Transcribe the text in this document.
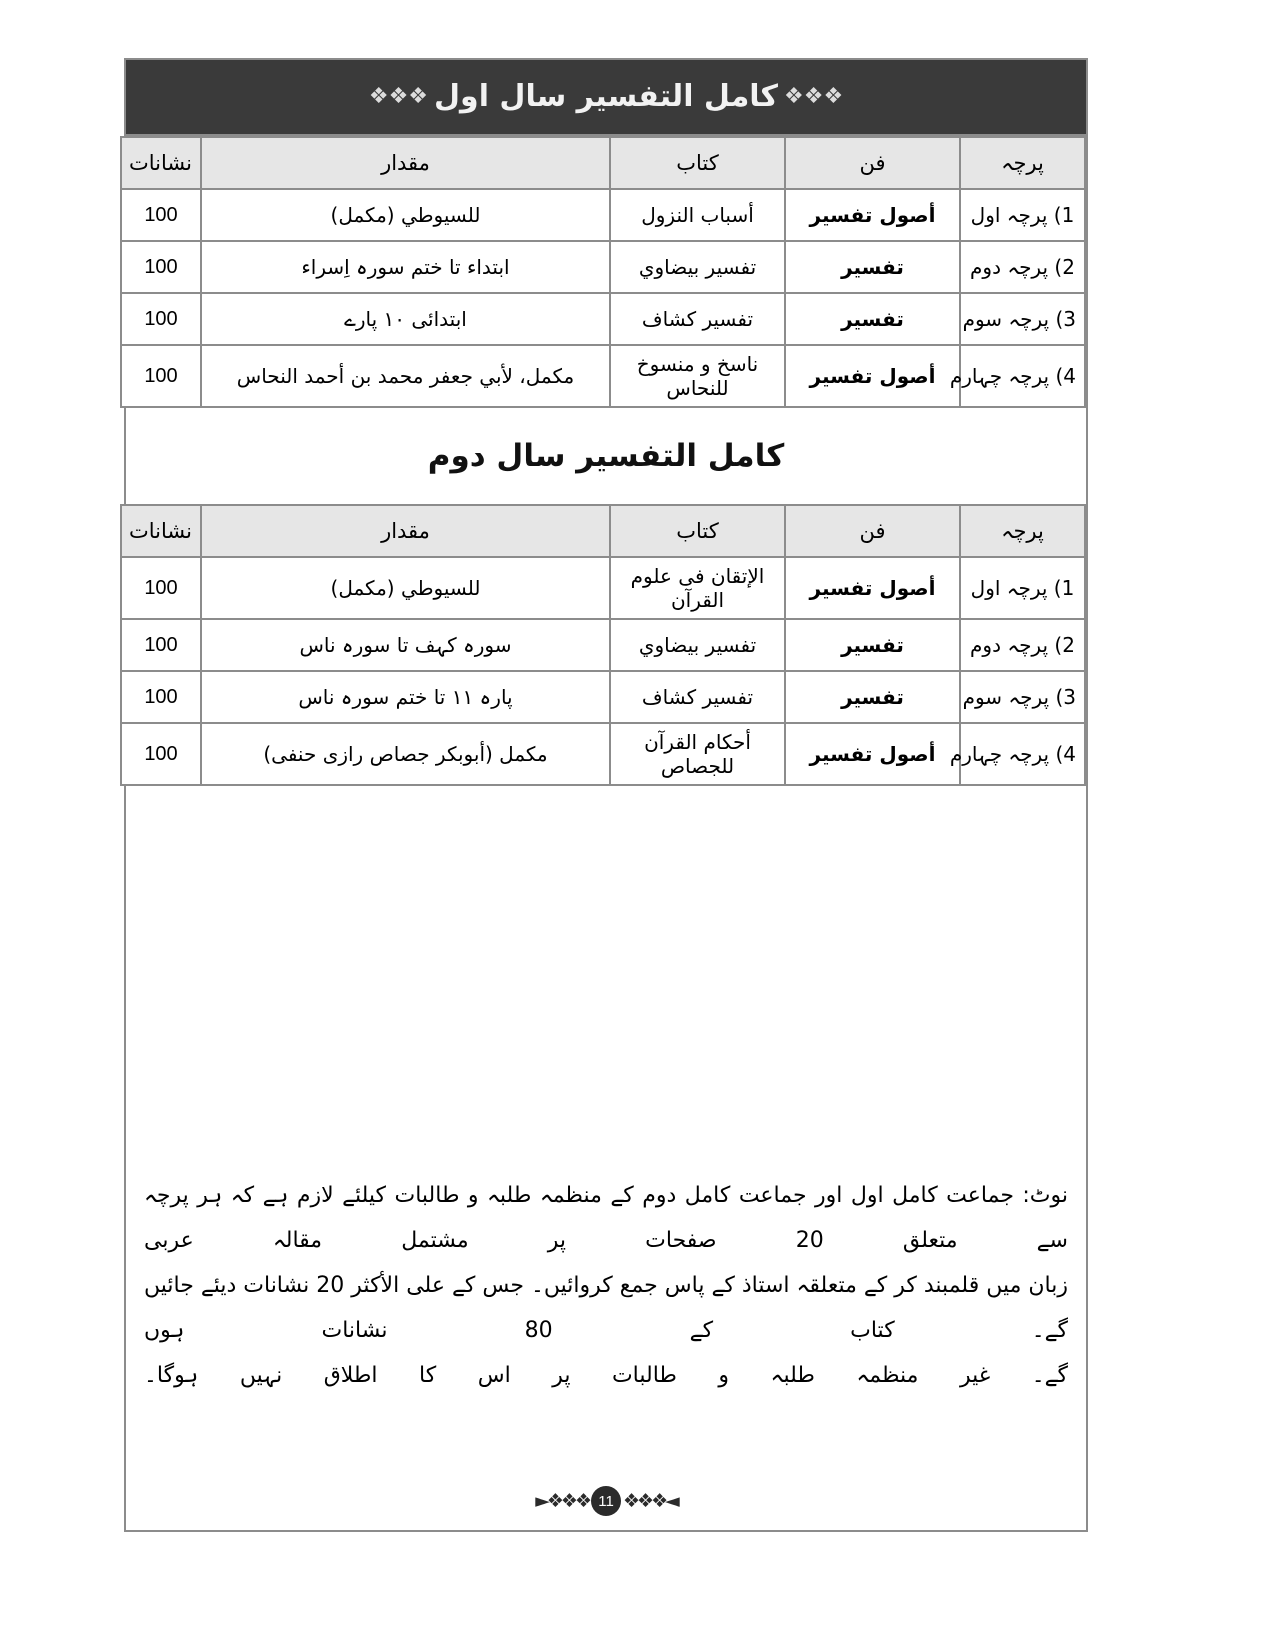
❖❖❖کامل التفسیر سال اول❖❖❖
پرچہ	فن	کتاب	مقدار	نشانات
1) پرچہ اول	أصول تفسیر	أسباب النزول	للسیوطي (مکمل)	100
2) پرچہ دوم	تفسیر	تفسیر بیضاوي	ابتداء تا ختم سورہ اِسراء	100
3) پرچہ سوم	تفسیر	تفسیر کشاف	ابتدائی ۱۰ پارے	100
4) پرچہ چہارم	أصول تفسیر	ناسخ و منسوخ للنحاس	مکمل، لأبي جعفر محمد بن أحمد النحاس	100
کامل التفسیر سال دوم
پرچہ	فن	کتاب	مقدار	نشانات
1) پرچہ اول	أصول تفسیر	الإتقان فی علوم القرآن	للسیوطي (مکمل)	100
2) پرچہ دوم	تفسیر	تفسیر بیضاوي	سورہ کہف تا سورہ ناس	100
3) پرچہ سوم	تفسیر	تفسیر کشاف	پارہ ۱۱ تا ختم سورہ ناس	100
4) پرچہ چہارم	أصول تفسیر	أحکام القرآن للجصاص	مکمل (أبوبکر جصاص رازی حنفی)	100
نوٹ: جماعت کامل اول اور جماعت کامل دوم کے منظمہ طلبہ و طالبات کیلئے لازم ہے کہ ہر پرچہ سے متعلق 20 صفحات پر مشتمل مقالہ عربی
زبان میں قلمبند کر کے متعلقہ استاذ کے پاس جمع کروائیں۔ جس کے علی الأکثر 20 نشانات دیئے جائیں گے۔ کتاب کے 80 نشانات ہوں
گے۔ غیر منظمہ طلبہ و طالبات پر اس کا اطلاق نہیں ہوگا۔
◄❖❖❖
11
❖❖❖►
